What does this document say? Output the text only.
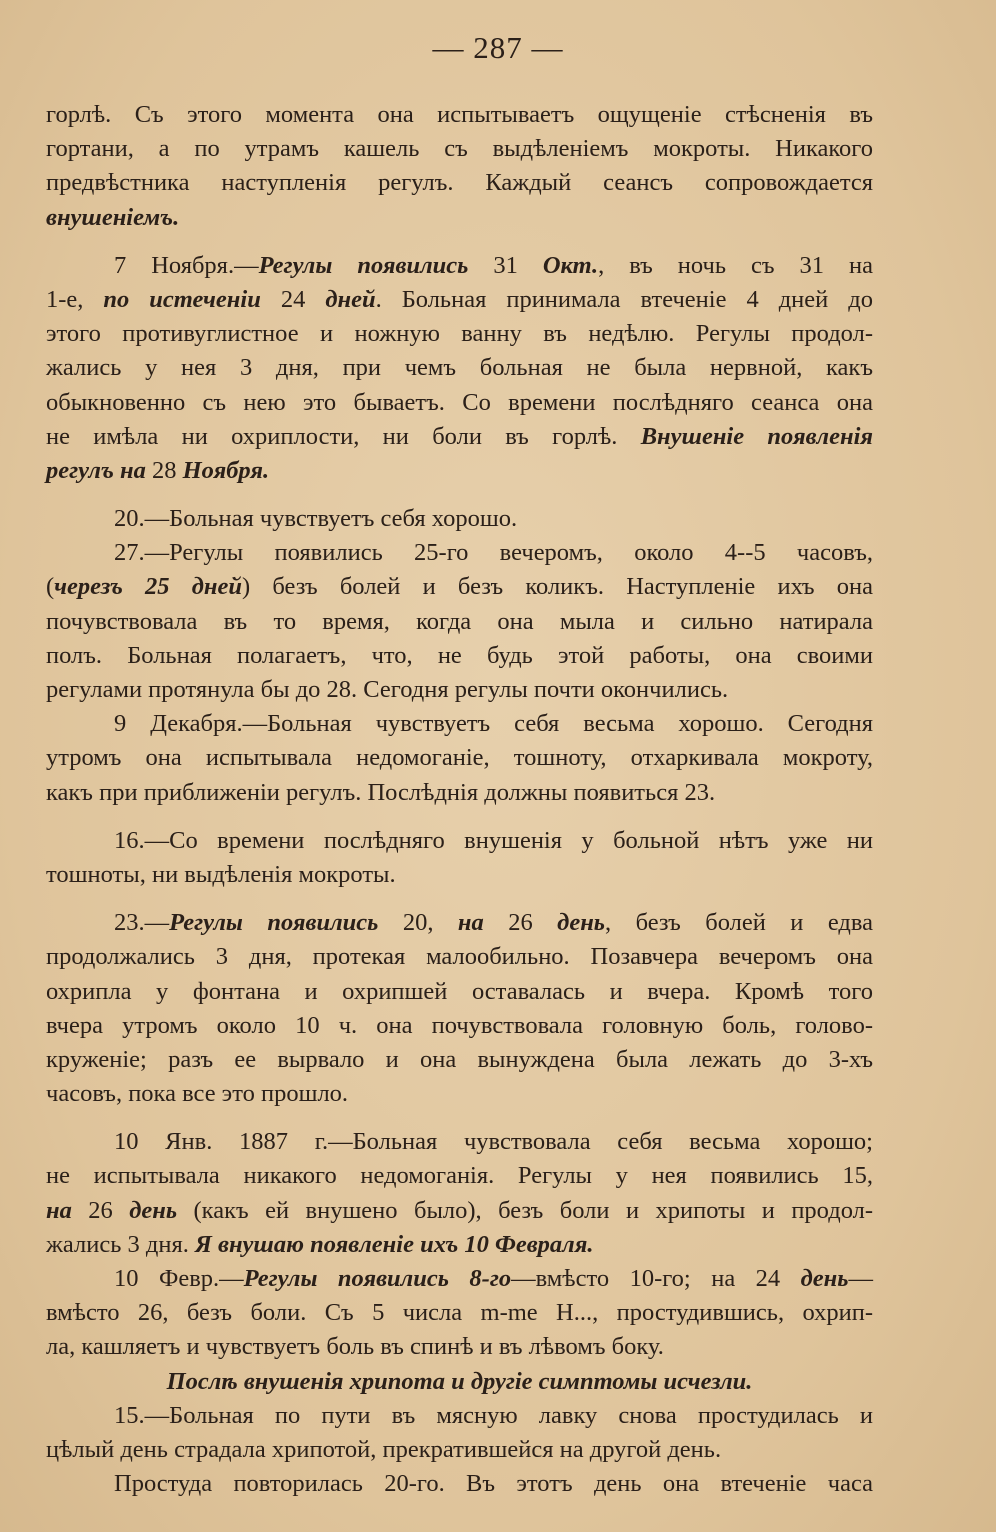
— 287 —

горлѣ. Съ этого момента она испытываетъ ощущеніе стѣсненія въ
гортани, а по утрамъ кашель съ выдѣленіемъ мокроты. Никакого
предвѣстника наступленія регулъ. Каждый сеансъ сопровождается
внушеніемъ.

7 Ноября.—Регулы появились 31 Окт., въ ночь съ 31 на
1-е, по истеченіи 24 дней. Больная принимала втеченіе 4 дней до
этого противуглистное и ножную ванну въ недѣлю. Регулы продол-
жались у нея 3 дня, при чемъ больная не была нервной, какъ
обыкновенно съ нею это бываетъ. Со времени послѣдняго сеанса она
не имѣла ни охриплости, ни боли въ горлѣ. Внушеніе появленія
регулъ на 28 Ноября.

20.—Больная чувствуетъ себя хорошо.

27.—Регулы появились 25-го вечеромъ, около 4--5 часовъ,
(черезъ 25 дней) безъ болей и безъ коликъ. Наступленіе ихъ она
почувствовала въ то время, когда она мыла и сильно натирала
полъ. Больная полагаетъ, что, не будь этой работы, она своими
регулами протянула бы до 28. Сегодня регулы почти окончились.

9 Декабря.—Больная чувствуетъ себя весьма хорошо. Сегодня
утромъ она испытывала недомоганіе, тошноту, отхаркивала мокроту,
какъ при приближеніи регулъ. Послѣднія должны появиться 23.

16.—Со времени послѣдняго внушенія у больной нѣтъ уже ни
тошноты, ни выдѣленія мокроты.

23.—Регулы появились 20, на 26 день, безъ болей и едва
продолжались 3 дня, протекая малообильно. Позавчера вечеромъ она
охрипла у фонтана и охрипшей оставалась и вчера. Кромѣ того
вчера утромъ около 10 ч. она почувствовала головную боль, голово-
круженіе; разъ ее вырвало и она вынуждена была лежать до 3-хъ
часовъ, пока все это прошло.

10 Янв. 1887 г.—Больная чувствовала себя весьма хорошо;
не испытывала никакого недомоганія. Регулы у нея появились 15,
на 26 день (какъ ей внушено было), безъ боли и хрипоты и продол-
жались 3 дня. Я внушаю появленіе ихъ 10 Февраля.

10 Февр.—Регулы появились 8-го—вмѣсто 10-го; на 24 день—
вмѣсто 26, безъ боли. Съ 5 числа m-me H..., простудившись, охрип-
ла, кашляетъ и чувствуетъ боль въ спинѣ и въ лѣвомъ боку.
Послѣ внушенія хрипота и другіе симптомы исчезли.

15.—Больная по пути въ мясную лавку снова простудилась и
цѣлый день страдала хрипотой, прекратившейся на другой день.

Простуда повторилась 20-го. Въ этотъ день она втеченіе часа
